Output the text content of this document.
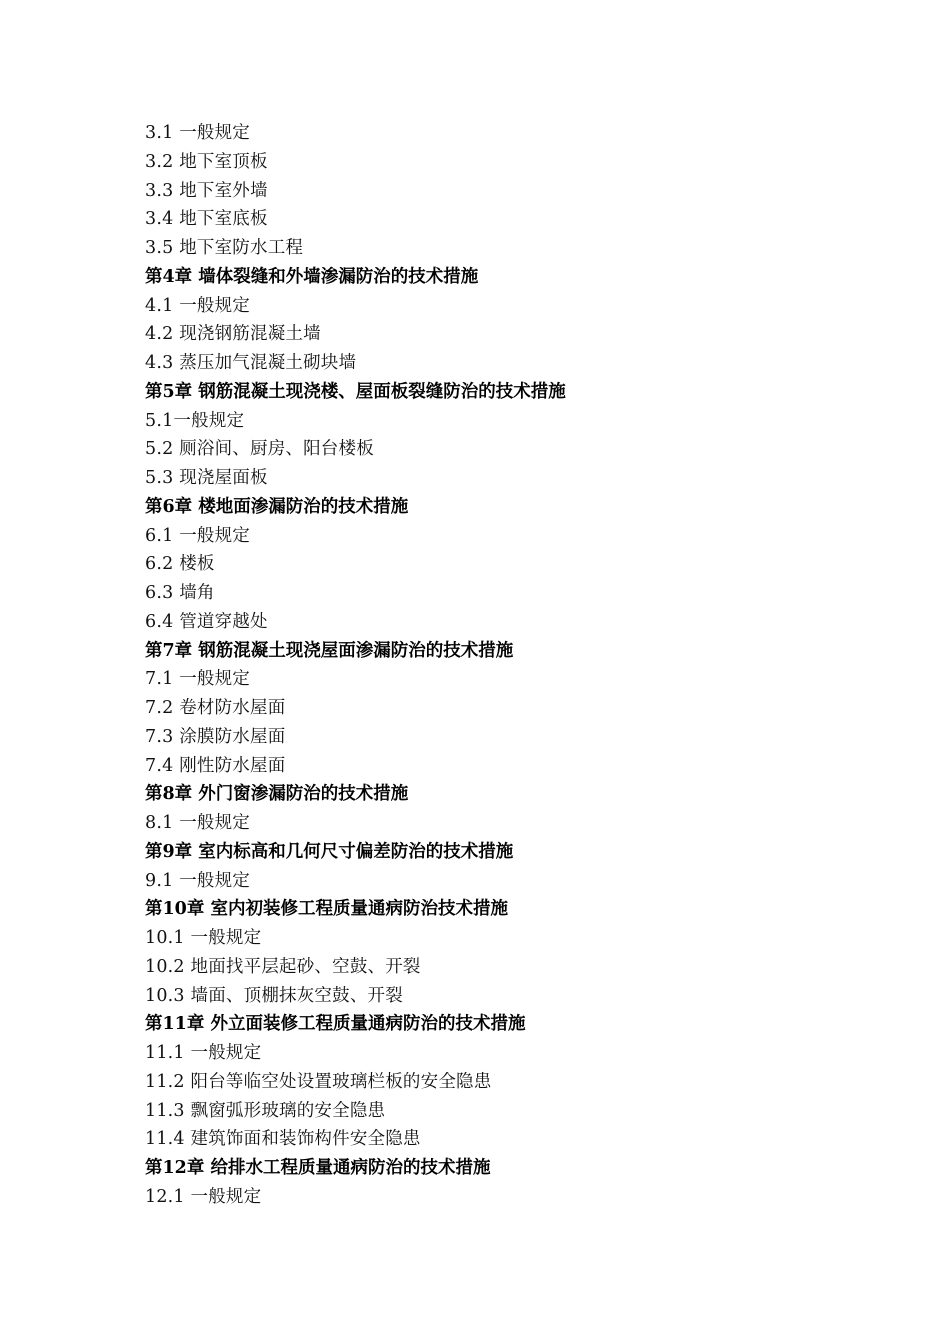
3.1 一般规定
3.2 地下室顶板
3.3 地下室外墙
3.4 地下室底板
3.5 地下室防水工程
第4章 墙体裂缝和外墙渗漏防治的技术措施
4.1 一般规定
4.2 现浇钢筋混凝土墙
4.3 蒸压加气混凝土砌块墙
第5章 钢筋混凝土现浇楼、屋面板裂缝防治的技术措施
5.1一般规定
5.2 厕浴间、厨房、阳台楼板
5.3 现浇屋面板
第6章 楼地面渗漏防治的技术措施
6.1 一般规定
6.2 楼板
6.3 墙角
6.4 管道穿越处
第7章 钢筋混凝土现浇屋面渗漏防治的技术措施
7.1 一般规定
7.2 卷材防水屋面
7.3 涂膜防水屋面
7.4 刚性防水屋面
第8章 外门窗渗漏防治的技术措施
8.1 一般规定
第9章 室内标高和几何尺寸偏差防治的技术措施
9.1 一般规定
第10章 室内初装修工程质量通病防治技术措施
10.1 一般规定
10.2 地面找平层起砂、空鼓、开裂
10.3 墙面、顶棚抹灰空鼓、开裂
第11章 外立面装修工程质量通病防治的技术措施
11.1 一般规定
11.2 阳台等临空处设置玻璃栏板的安全隐患
11.3 飘窗弧形玻璃的安全隐患
11.4 建筑饰面和装饰构件安全隐患
第12章 给排水工程质量通病防治的技术措施
12.1 一般规定
